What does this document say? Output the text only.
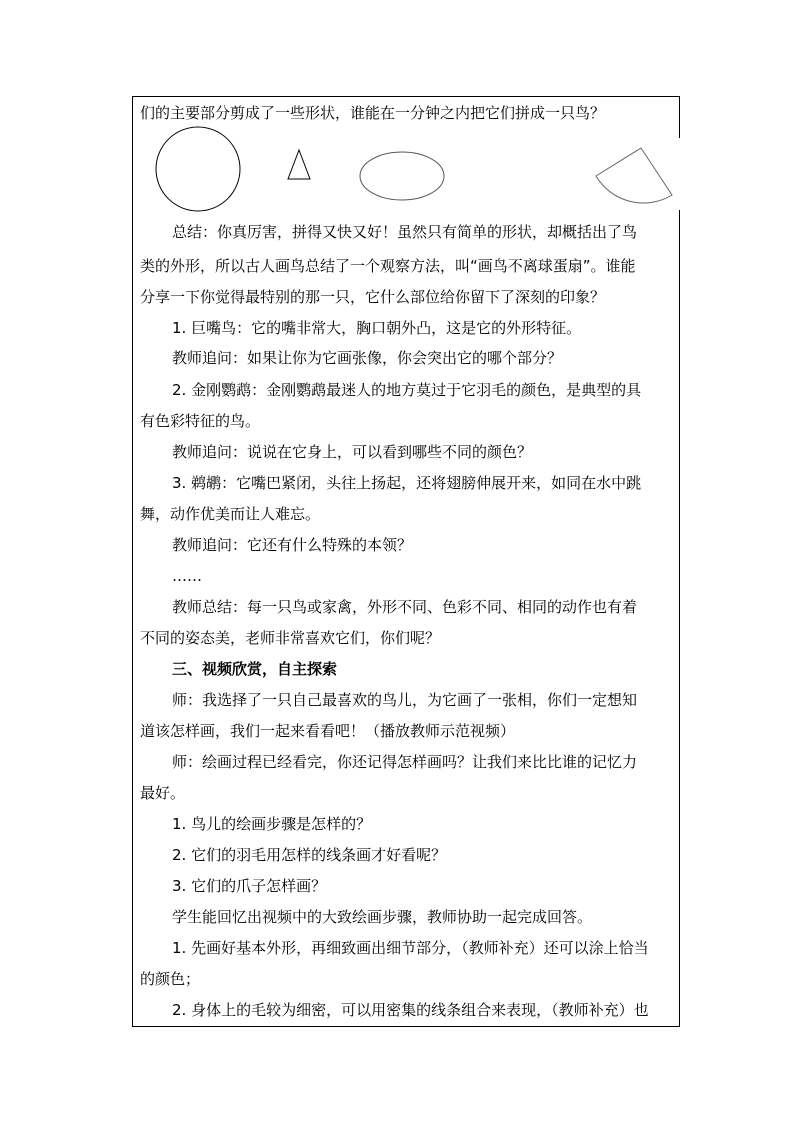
们的主要部分剪成了一些形状，谁能在一分钟之内把它们拼成一只鸟？
总结：你真厉害，拼得又快又好！虽然只有简单的形状，却概括出了鸟
类的外形，所以古人画鸟总结了一个观察方法，叫“画鸟不离球蛋扇”。谁能
分享一下你觉得最特别的那一只，它什么部位给你留下了深刻的印象？
1. 巨嘴鸟：它的嘴非常大，胸口朝外凸，这是它的外形特征。
教师追问：如果让你为它画张像，你会突出它的哪个部分？
2. 金刚鹦鹉：金刚鹦鹉最迷人的地方莫过于它羽毛的颜色，是典型的具
有色彩特征的鸟。
教师追问：说说在它身上，可以看到哪些不同的颜色？
3. 鹈鹕：它嘴巴紧闭，头往上扬起，还将翅膀伸展开来，如同在水中跳
舞，动作优美而让人难忘。
教师追问：它还有什么特殊的本领？
……
教师总结：每一只鸟或家禽，外形不同、色彩不同、相同的动作也有着
不同的姿态美，老师非常喜欢它们，你们呢？
三、视频欣赏，自主探索
师：我选择了一只自己最喜欢的鸟儿，为它画了一张相，你们一定想知
道该怎样画，我们一起来看看吧！（播放教师示范视频）
师：绘画过程已经看完，你还记得怎样画吗？让我们来比比谁的记忆力
最好。
1. 鸟儿的绘画步骤是怎样的？
2. 它们的羽毛用怎样的线条画才好看呢？
3. 它们的爪子怎样画？
学生能回忆出视频中的大致绘画步骤，教师协助一起完成回答。
1. 先画好基本外形，再细致画出细节部分，（教师补充）还可以涂上恰当
的颜色；
2. 身体上的毛较为细密，可以用密集的线条组合来表现，（教师补充）也
